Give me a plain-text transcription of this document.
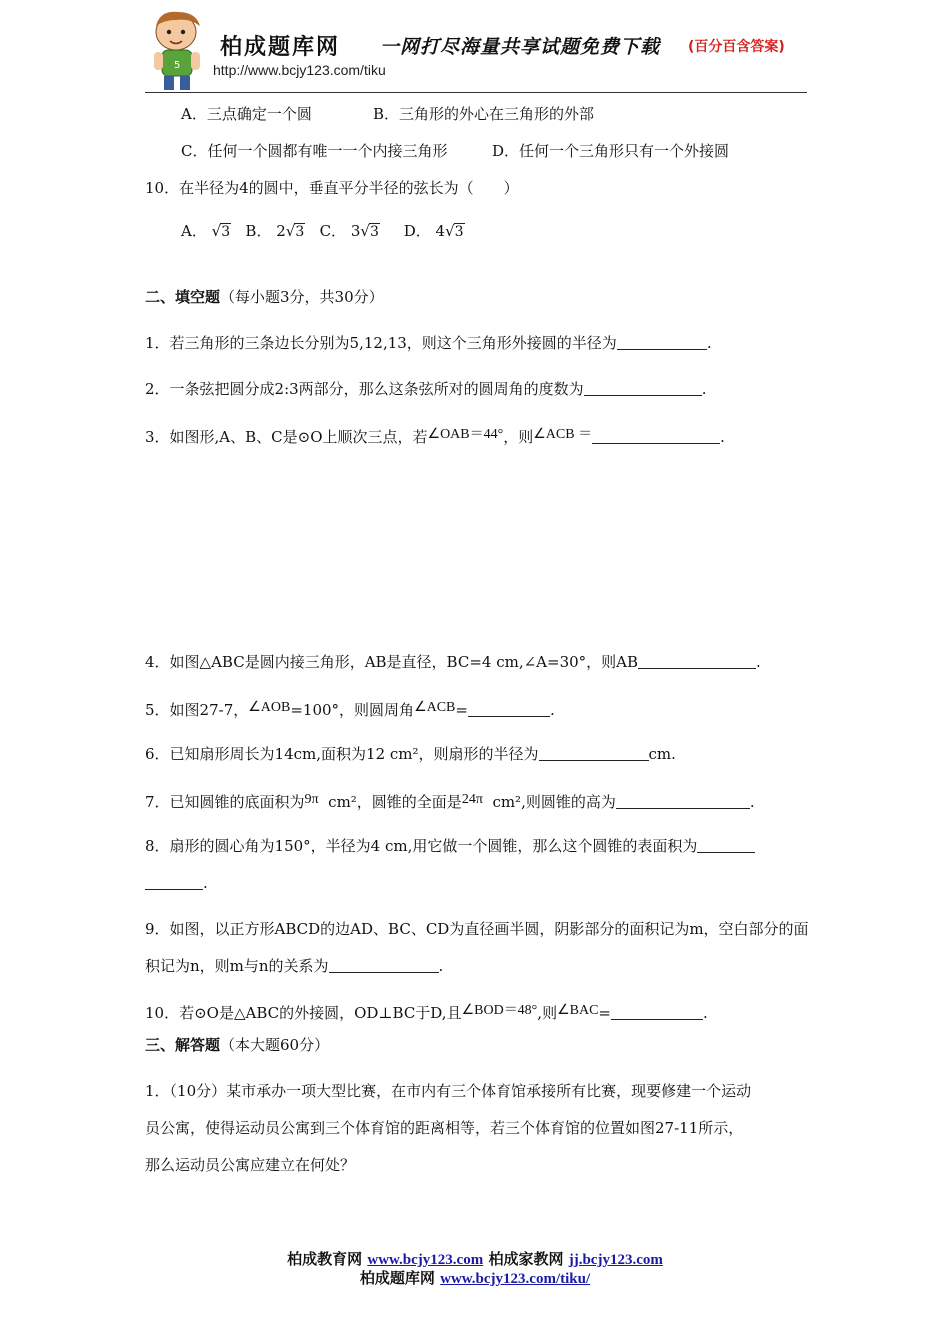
5
柏成题库网 一网打尽海量共享试题免费下载 (百分百含答案)
http://www.bcjy123.com/tiku
A．三点确定一个圆	B．三角形的外心在三角形的外部
C．任何一个圆都有唯一一个内接三角形	D．任何一个三角形只有一个外接圆
10．在半径为4的圆中，垂直平分半径的弦长为（　　）
A． √3 B． 2√3 C． 3√3 D． 4√3
二、填空题（每小题3分，共30分）
1．若三角形的三条边长分别为5,12,13，则这个三角形外接圆的半径为	.
2．一条弦把圆分成2:3两部分，那么这条弦所对的圆周角的度数为	.
3．如图形,A、B、C是⊙O上顺次三点，若∠OAB＝44°，则∠ACB ＝	.
4．如图△ABC是圆内接三角形，AB是直径，BC=4 cm,∠A=30°，则AB	.
5．如图27-7，∠AOB=100°，则圆周角∠ACB=	.
6．已知扇形周长为14cm,面积为12 cm²，则扇形的半径为	cm.
7．已知圆锥的底面积为9π cm²，圆锥的全面是24π cm²,则圆锥的高为	.
8．扇形的圆心角为150°，半径为4 cm,用它做一个圆锥，那么这个圆锥的表面积为
.
9．如图，以正方形ABCD的边AD、BC、CD为直径画半圆，阴影部分的面积记为m，空白部分的面
积记为n，则m与n的关系为	.
10．若⊙O是△ABC的外接圆，OD⊥BC于D,且∠BOD＝48°,则∠BAC=	.
三、解答题（本大题60分）
1．（10分）某市承办一项大型比赛，在市内有三个体育馆承接所有比赛，现要修建一个运动
员公寓，使得运动员公寓到三个体育馆的距离相等，若三个体育馆的位置如图27-11所示，
那么运动员公寓应建立在何处？
柏成教育网 www.bcjy123.com 柏成家教网 jj.bcjy123.com
柏成题库网 www.bcjy123.com/tiku/
